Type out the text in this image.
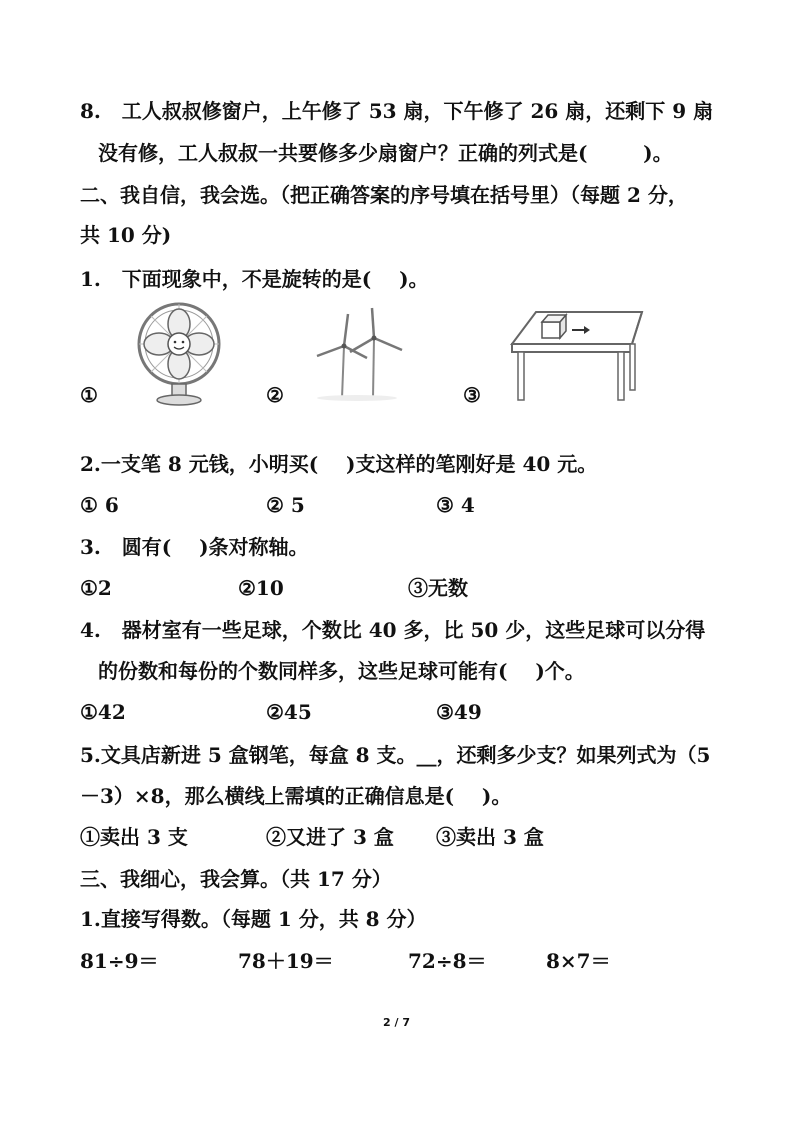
8.   工人叔叔修窗户，上午修了 53 扇，下午修了 26 扇，还剩下 9 扇
没有修，工人叔叔一共要修多少扇窗户？正确的列式是(        )。
二、我自信，我会选。（把正确答案的序号填在括号里）（每题 2 分，
共 10 分)
1.   下面现象中，不是旋转的是(    )。
①	②	③
2.一支笔 8 元钱，小明买(    )支这样的笔刚好是 40 元。
① 6	② 5	③ 4
3.   圆有(    )条对称轴。
①2	②10	③无数
4.   器材室有一些足球，个数比 40 多，比 50 少，这些足球可以分得
的份数和每份的个数同样多，这些足球可能有(    )个。
①42	②45	③49
5.文具店新进 5 盒钢笔，每盒 8 支。__，还剩多少支？如果列式为（5
－3）×8，那么横线上需填的正确信息是(    )。
①卖出 3 支	②又进了 3 盒 ③卖出 3 盒
三、我细心，我会算。（共 17 分）
1.直接写得数。（每题 1 分，共 8 分）
81÷9＝	78＋19＝	72÷8＝	8×7＝
2 / 7
